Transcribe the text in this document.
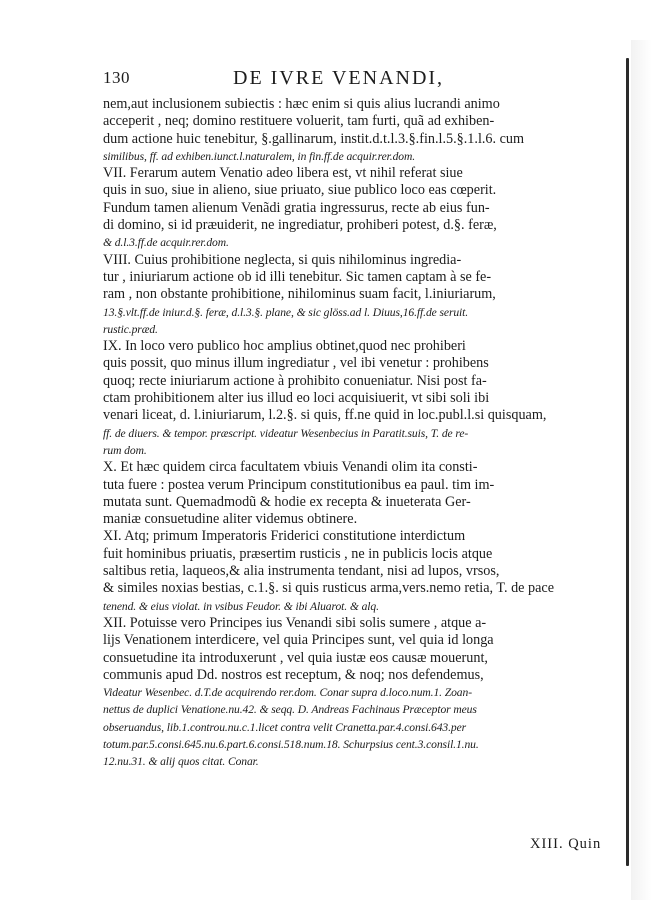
130	DE IVRE VENANDI,
nem,aut inclusionem subiectis : hæc enim si quis alius lucrandi animo
acceperit , neq; domino restituere voluerit, tam furti, quã ad exhiben-
dum actione huic tenebitur, §.gallinarum, instit.d.t.l.3.§.fin.l.5.§.1.l.6. cum
similibus, ff. ad exhiben.iunct.l.naturalem, in fin.ff.de acquir.rer.dom.
VII. Ferarum autem Venatio adeo libera est, vt nihil referat siue
quis in suo, siue in alieno, siue priuato, siue publico loco eas cœperit.
Fundum tamen alienum Venãdi gratia ingressurus, recte ab eius fun-
di domino, si id præuiderit, ne ingrediatur, prohiberi potest, d.§. feræ,
& d.l.3.ff.de acquir.rer.dom.
VIII. Cuius prohibitione neglecta, si quis nihilominus ingredia-
tur , iniuriarum actione ob id illi tenebitur. Sic tamen captam à se fe-
ram , non obstante prohibitione, nihilominus suam facit, l.iniuriarum,
13.§.vlt.ff.de iniur.d.§. feræ, d.l.3.§. plane, & sic glöss.ad l. Diuus,16.ff.de seruit.
rustic.præd.
IX. In loco vero publico hoc amplius obtinet,quod nec prohiberi
quis possit, quo minus illum ingrediatur , vel ibi venetur : prohibens
quoq; recte iniuriarum actione à prohibito conueniatur. Nisi post fa-
ctam prohibitionem alter ius illud eo loci acquisiuerit, vt sibi soli ibi
venari liceat, d. l.iniuriarum, l.2.§. si quis, ff.ne quid in loc.publ.l.si quisquam,
ff. de diuers. & tempor. præscript. videatur Wesenbecius in Paratit.suis, T. de re-
rum dom.
X. Et hæc quidem circa facultatem vbiuis Venandi olim ita consti-
tuta fuere : postea verum Principum constitutionibus ea paul. tim im-
mutata sunt. Quemadmodũ & hodie ex recepta & inueterata Ger-
maniæ consuetudine aliter videmus obtinere.
XI. Atq; primum Imperatoris Friderici constitutione interdictum
fuit hominibus priuatis, præsertim rusticis , ne in publicis locis atque
saltibus retia, laqueos,& alia instrumenta tendant, nisi ad lupos, vrsos,
& similes noxias bestias, c.1.§. si quis rusticus arma,vers.nemo retia, T. de pace
tenend. & eius violat. in vsibus Feudor. & ibi Aluarot. & alq.
XII. Potuisse vero Principes ius Venandi sibi solis sumere , atque a-
lijs Venationem interdicere, vel quia Principes sunt, vel quia id longa
consuetudine ita introduxerunt , vel quia iustæ eos causæ mouerunt,
communis apud Dd. nostros est receptum, & noq; nos defendemus,
Videatur Wesenbec. d.T.de acquirendo rer.dom. Conar supra d.loco.num.1. Zoan-
nettus de duplici Venatione.nu.42. & seqq. D. Andreas Fachinaus Præceptor meus
obseruandus, lib.1.controu.nu.c.1.licet contra velit Cranetta.par.4.consi.643.per
totum.par.5.consi.645.nu.6.part.6.consi.518.num.18. Schurpsius cent.3.consil.1.nu.
12.nu.31. & alij quos citat. Conar.
XIII. Quin
